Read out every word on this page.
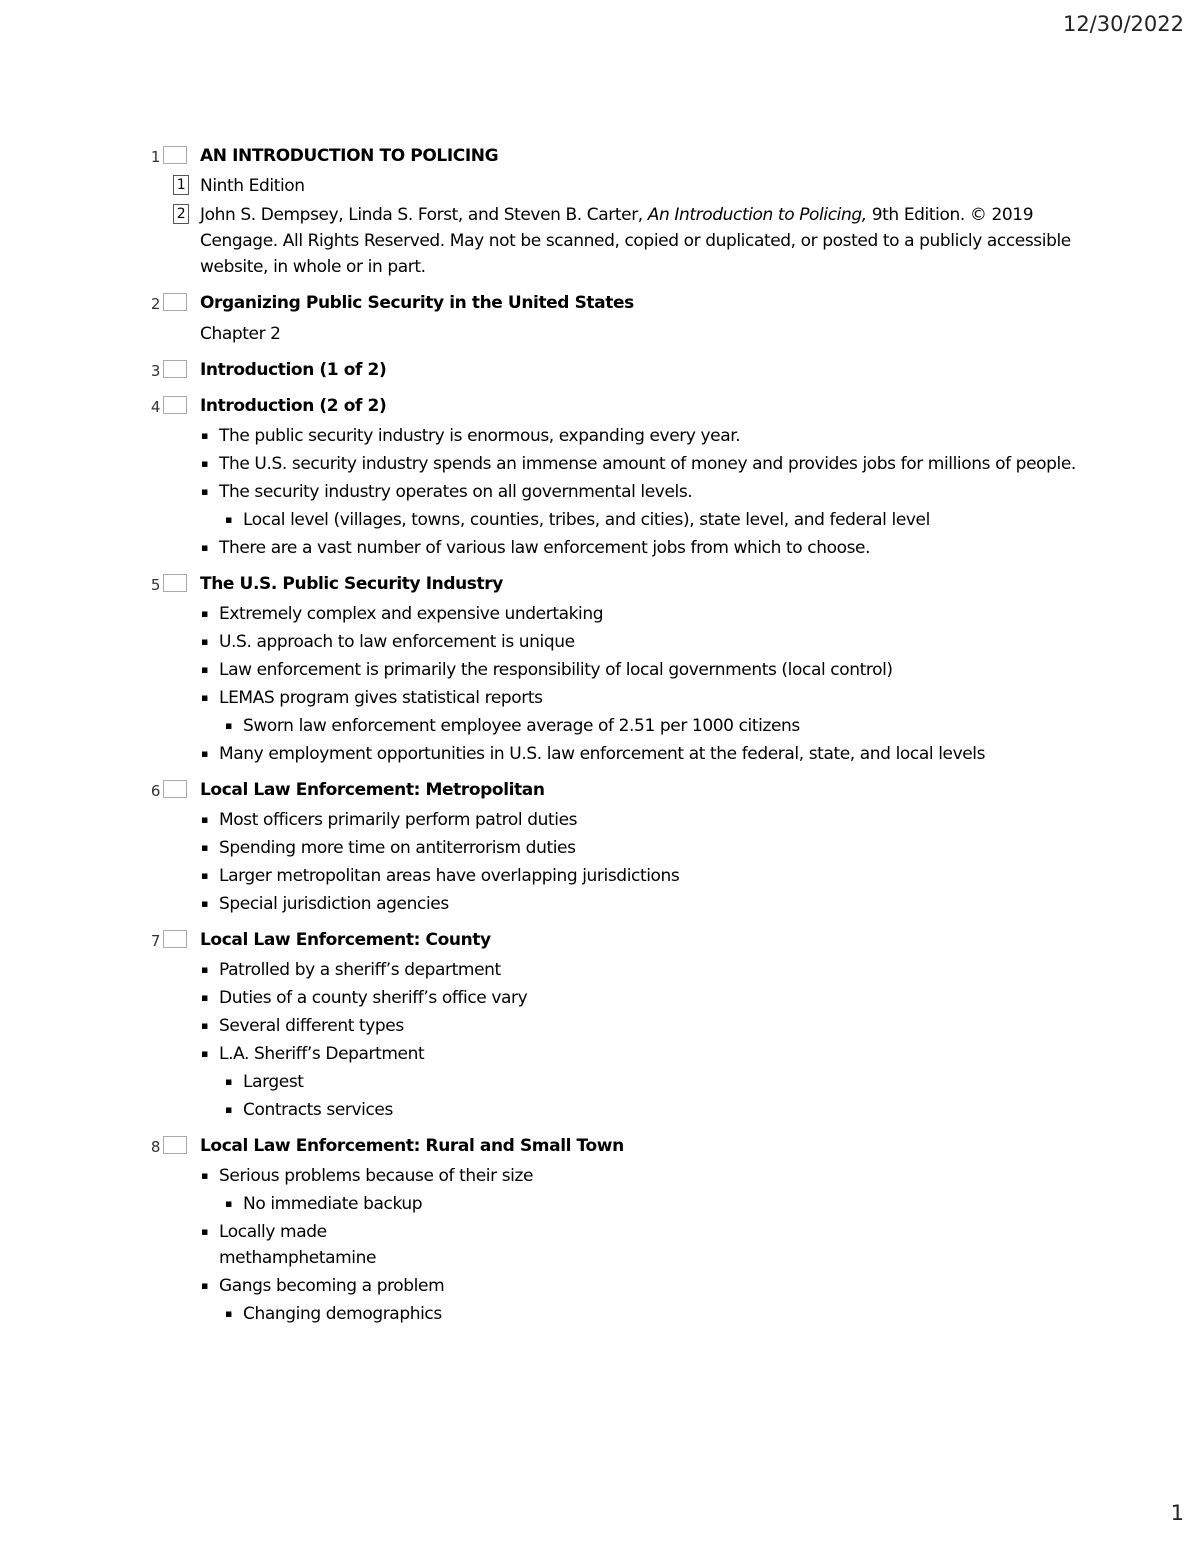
12/30/2022
1 AN INTRODUCTION TO POLICING
1 Ninth Edition
2 John S. Dempsey, Linda S. Forst, and Steven B. Carter, An Introduction to Policing, 9th Edition. © 2019 Cengage. All Rights Reserved. May not be scanned, copied or duplicated, or posted to a publicly accessible website, in whole or in part.
2 Organizing Public Security in the United States
Chapter 2
3 Introduction (1 of 2)
4 Introduction (2 of 2)
▪ The public security industry is enormous, expanding every year.
▪ The U.S. security industry spends an immense amount of money and provides jobs for millions of people.
▪ The security industry operates on all governmental levels.
▪ Local level (villages, towns, counties, tribes, and cities), state level, and federal level
▪ There are a vast number of various law enforcement jobs from which to choose.
5 The U.S. Public Security Industry
▪ Extremely complex and expensive undertaking
▪ U.S. approach to law enforcement is unique
▪ Law enforcement is primarily the responsibility of local governments (local control)
▪ LEMAS program gives statistical reports
▪ Sworn law enforcement employee average of 2.51 per 1000 citizens
▪ Many employment opportunities in U.S. law enforcement at the federal, state, and local levels
6 Local Law Enforcement: Metropolitan
▪ Most officers primarily perform patrol duties
▪ Spending more time on antiterrorism duties
▪ Larger metropolitan areas have overlapping jurisdictions
▪ Special jurisdiction agencies
7 Local Law Enforcement: County
▪ Patrolled by a sheriff’s department
▪ Duties of a county sheriff’s office vary
▪ Several different types
▪ L.A. Sheriff’s Department
▪ Largest
▪ Contracts services
8 Local Law Enforcement: Rural and Small Town
▪ Serious problems because of their size
▪ No immediate backup
▪ Locally made methamphetamine
▪ Gangs becoming a problem
▪ Changing demographics
1
